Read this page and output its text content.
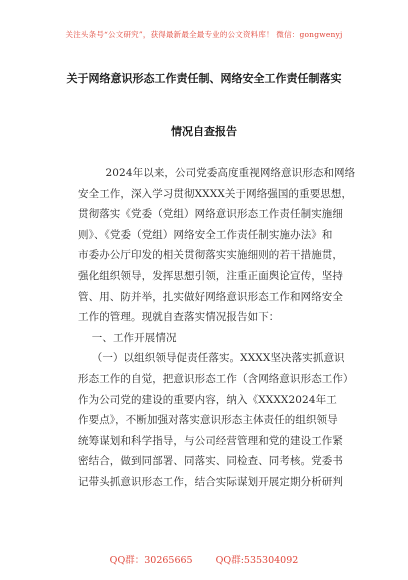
关注头条号“公文研究”，获得最新最全最专业的公文资料库！ 微信：gongwenyj
关于网络意识形态工作责任制、网络安全工作责任制落实
情况自查报告

2024年以来，公司党委高度重视网络意识形态和网络
安全工作，深入学习贯彻XXXX关于网络强国的重要思想，
贯彻落实《党委（党组）网络意识形态工作责任制实施细
则》、《党委（党组）网络安全工作责任制实施办法》和
市委办公厅印发的相关贯彻落实实施细则的若干措施贯，
强化组织领导，发挥思想引领，注重正面舆论宣传，坚持
管、用、防并举，扎实做好网络意识形态工作和网络安全
工作的管理。现就自查落实情况报告如下：

一、工作开展情况

（一）以组织领导促责任落实。XXXX坚决落实抓意识
形态工作的自觉，把意识形态工作（含网络意识形态工作）
作为公司党的建设的重要内容，纳入《XXXX2024年工
作要点》，不断加强对落实意识形态主体责任的组织领导
统筹谋划和科学指导，与公司经营管理和党的建设工作紧
密结合，做到同部署、同落实、同检查、同考核。党委书
记带头抓意识形态工作，结合实际谋划开展定期分析研判

QQ群：30265665 QQ群:535304092
